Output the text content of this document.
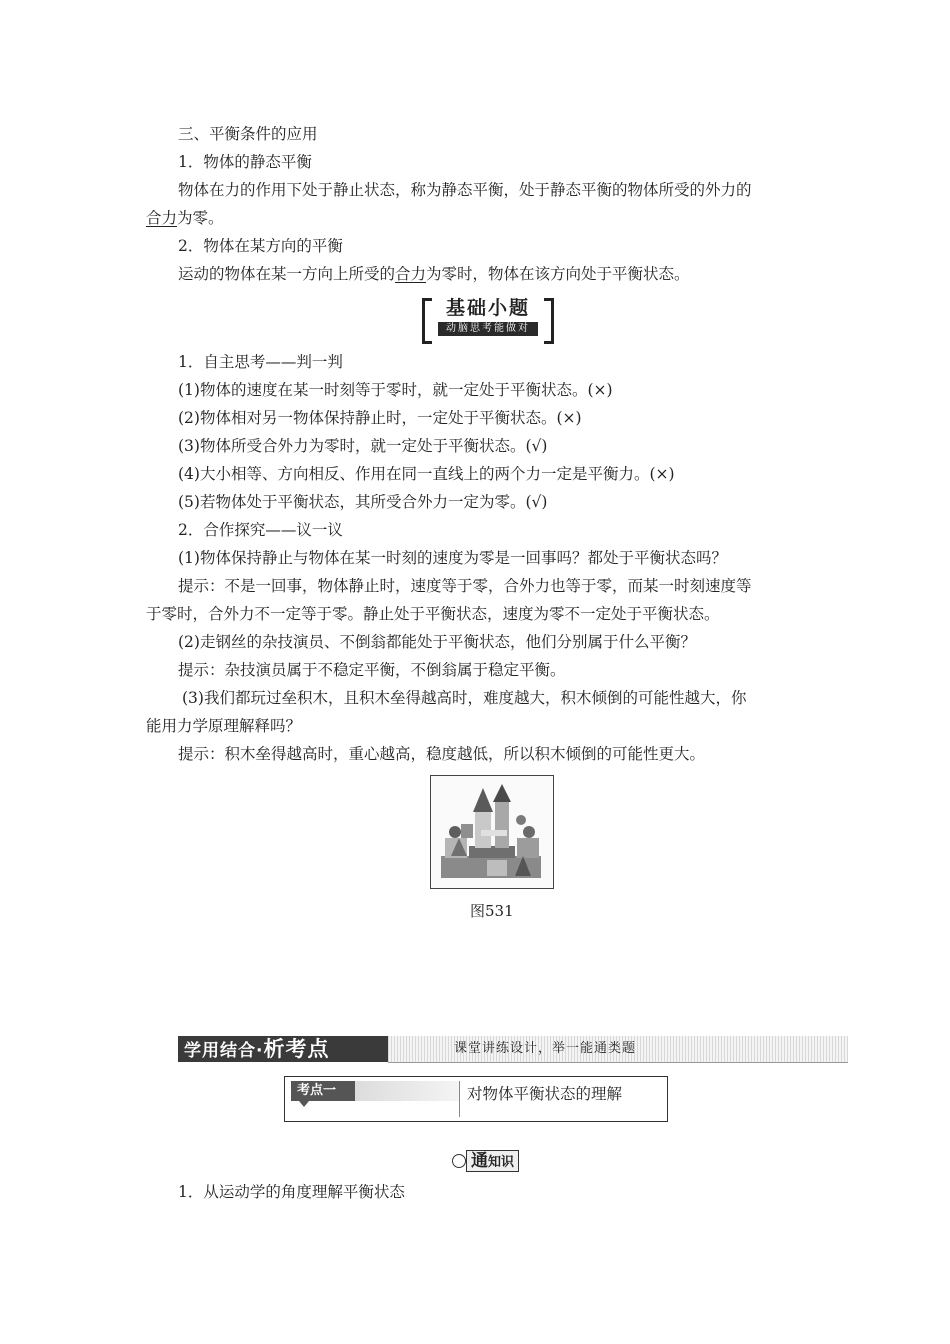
三、平衡条件的应用
1．物体的静态平衡
物体在力的作用下处于静止状态，称为静态平衡，处于静态平衡的物体所受的外力的
合力为零。
2．物体在某方向的平衡
运动的物体在某一方向上所受的合力为零时，物体在该方向处于平衡状态。
基础小题
动脑思考能做对
1．自主思考——判一判
(1)物体的速度在某一时刻等于零时，就一定处于平衡状态。(×)
(2)物体相对另一物体保持静止时，一定处于平衡状态。(×)
(3)物体所受合外力为零时，就一定处于平衡状态。(√)
(4)大小相等、方向相反、作用在同一直线上的两个力一定是平衡力。(×)
(5)若物体处于平衡状态，其所受合外力一定为零。(√)
2．合作探究——议一议
(1)物体保持静止与物体在某一时刻的速度为零是一回事吗？都处于平衡状态吗？
提示：不是一回事，物体静止时，速度等于零，合外力也等于零，而某一时刻速度等
于零时，合外力不一定等于零。静止处于平衡状态，速度为零不一定处于平衡状态。
(2)走钢丝的杂技演员、不倒翁都能处于平衡状态，他们分别属于什么平衡？
提示：杂技演员属于不稳定平衡，不倒翁属于稳定平衡。
(3)我们都玩过垒积木，且积木垒得越高时，难度越大，积木倾倒的可能性越大，你
能用力学原理解释吗？
提示：积木垒得越高时，重心越高，稳度越低，所以积木倾倒的可能性更大。
图531
学用结合·析考点	课堂讲练设计，举一能通类题
考点一	对物体平衡状态的理解
通知识
1．从运动学的角度理解平衡状态
